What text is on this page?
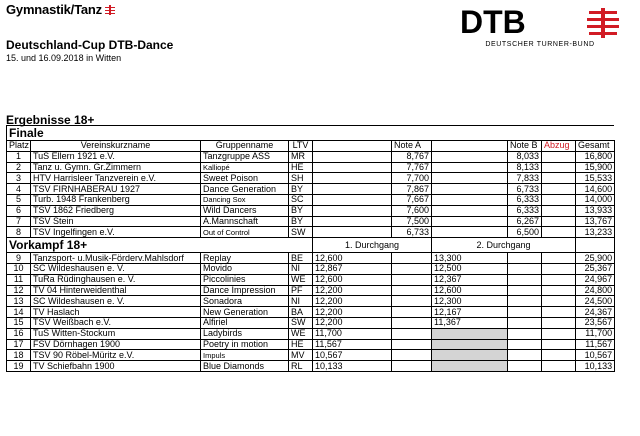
Gymnastik/Tanz
Deutschland-Cup DTB-Dance
15. und 16.09.2018 in Witten
DTB
DEUTSCHER TURNER-BUND
Ergebnisse 18+
Finale									
Platz	Vereinskurzname	Gruppenname	LTV		Note A		Note B	Abzug	Gesamt
1	TuS Ellern 1921 e.V.	Tanzgruppe ASS	MR		8,767		8,033		16,800
2	Tanz u. Gymn. Gr.Zimmern	Kalliopé	HE		7,767		8,133		15,900
3	HTV Harrisleer Tanzverein e.V.	Sweet Poison	SH		7,700		7,833		15,533
4	TSV FIRNHABERAU 1927	Dance Generation	BY		7,867		6,733		14,600
5	Turb. 1948 Frankenberg	Dancing Sox	SC		7,667		6,333		14,000
6	TSV 1862 Friedberg	Wild Dancers	BY		7,600		6,333		13,933
7	TSV Stein	A.Mannschaft	BY		7,500		6,267		13,767
8	TSV Ingelfingen e.V.	Out of Control	SW		6,733		6,500		13,233
Vorkampf 18+				1. Durchgang		2. Durchgang			
9	Tanzsport- u.Musik-Förderv.Mahlsdorf	Replay	BE	12,600		13,300			25,900
10	SC Wildeshausen e. V.	Movido	NI	12,867		12,500			25,367
11	TuRa Rüdinghausen e. V.	Piccolinies	WE	12,600		12,367			24,967
12	TV 04 Hinterweidenthal	Dance Impression	PF	12,200		12,600			24,800
13	SC Wildeshausen e. V.	Sonadora	NI	12,200		12,300			24,500
14	TV Haslach	New Generation	BA	12,200		12,167			24,367
15	TSV Weißbach e.V.	Alfiriel	SW	12,200		11,367			23,567
16	TuS Witten-Stockum	Ladybirds	WE	11,700					11,700
17	FSV Dörnhagen 1900	Poetry in motion	HE	11,567					11,567
18	TSV 90 Röbel-Müritz e.V.	Impuls	MV	10,567					10,567
19	TV Schiefbahn 1900	Blue Diamonds	RL	10,133					10,133
